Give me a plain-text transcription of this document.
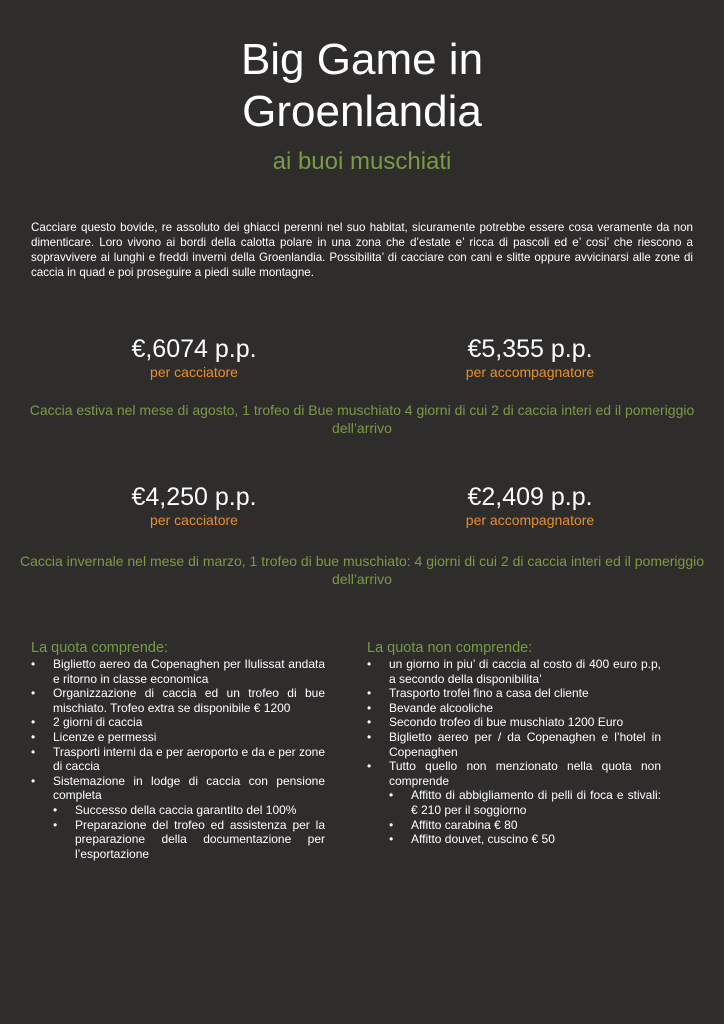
Big Game in
Groenlandia
ai buoi muschiati

Cacciare questo bovide, re assoluto dei ghiacci perenni nel suo habitat, sicuramente potrebbe essere cosa veramente da non dimenticare. Loro vivono ai bordi della calotta polare in una zona che d’estate e’ ricca di pascoli ed e’ cosi’ che riescono a sopravvivere ai lunghi e freddi inverni della Groenlandia. Possibilita’ di cacciare con cani e slitte oppure avvicinarsi alle zone di caccia in quad e poi proseguire a piedi sulle montagne.

€,6074 p.p.
per cacciatore
€5,355 p.p.
per accompagnatore

Caccia estiva nel mese di agosto, 1 trofeo di Bue muschiato 4 giorni di cui 2 di caccia interi ed il pomeriggio dell’arrivo

€4,250 p.p.
per cacciatore
€2,409 p.p.
per accompagnatore

Caccia invernale nel mese di marzo, 1 trofeo di bue muschiato: 4 giorni di cui 2 di caccia interi ed il pomeriggio dell’arrivo

La quota comprende:
• Biglietto aereo da Copenaghen per Ilulissat andata e ritorno in classe economica
• Organizzazione di caccia ed un trofeo di bue mischiato. Trofeo extra se disponibile € 1200
• 2 giorni di caccia
• Licenze e permessi
• Trasporti interni da e per aeroporto e da e per zone di caccia
• Sistemazione in lodge di caccia con pensione completa
• Successo della caccia garantito del 100%
• Preparazione del trofeo ed assistenza per la preparazione della documentazione per l’esportazione
La quota non comprende:
• un giorno in piu’ di caccia al costo di 400 euro p.p, a secondo della disponibilita’
• Trasporto trofei fino a casa del cliente
• Bevande alcooliche
• Secondo trofeo di bue muschiato 1200 Euro
• Biglietto aereo per / da Copenaghen e l’hotel in Copenaghen
• Tutto quello non menzionato nella quota non comprende
• Affitto di abbigliamento di pelli di foca e stivali: € 210 per il soggiorno
• Affitto carabina € 80
• Affitto douvet, cuscino € 50
